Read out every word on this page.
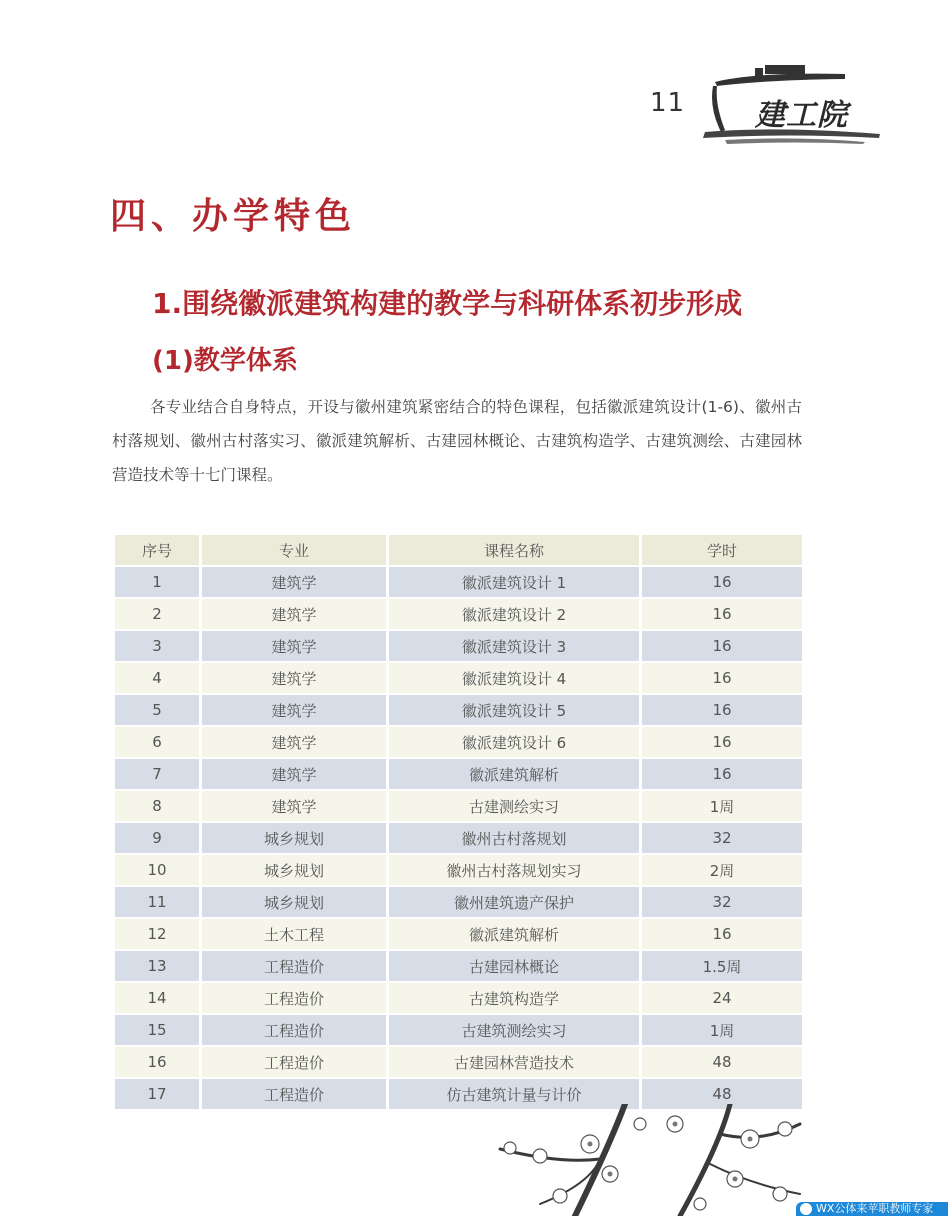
11 建工院
四、办学特色
1.围绕徽派建筑构建的教学与科研体系初步形成
(1)教学体系
各专业结合自身特点，开设与徽州建筑紧密结合的特色课程，包括徽派建筑设计(1-6)、徽州古村落规划、徽州古村落实习、徽派建筑解析、古建园林概论、古建筑构造学、古建筑测绘、古建园林营造技术等十七门课程。
序号	专业	课程名称	学时
1	建筑学	徽派建筑设计 1	16
2	建筑学	徽派建筑设计 2	16
3	建筑学	徽派建筑设计 3	16
4	建筑学	徽派建筑设计 4	16
5	建筑学	徽派建筑设计 5	16
6	建筑学	徽派建筑设计 6	16
7	建筑学	徽派建筑解析	16
8	建筑学	古建测绘实习	1周
9	城乡规划	徽州古村落规划	32
10	城乡规划	徽州古村落规划实习	2周
11	城乡规划	徽州建筑遗产保护	32
12	土木工程	徽派建筑解析	16
13	工程造价	古建园林概论	1.5周
14	工程造价	古建筑构造学	24
15	工程造价	古建筑测绘实习	1周
16	工程造价	古建园林营造技术	48
17	工程造价	仿古建筑计量与计价	48
WX公体来苹职教师专家
